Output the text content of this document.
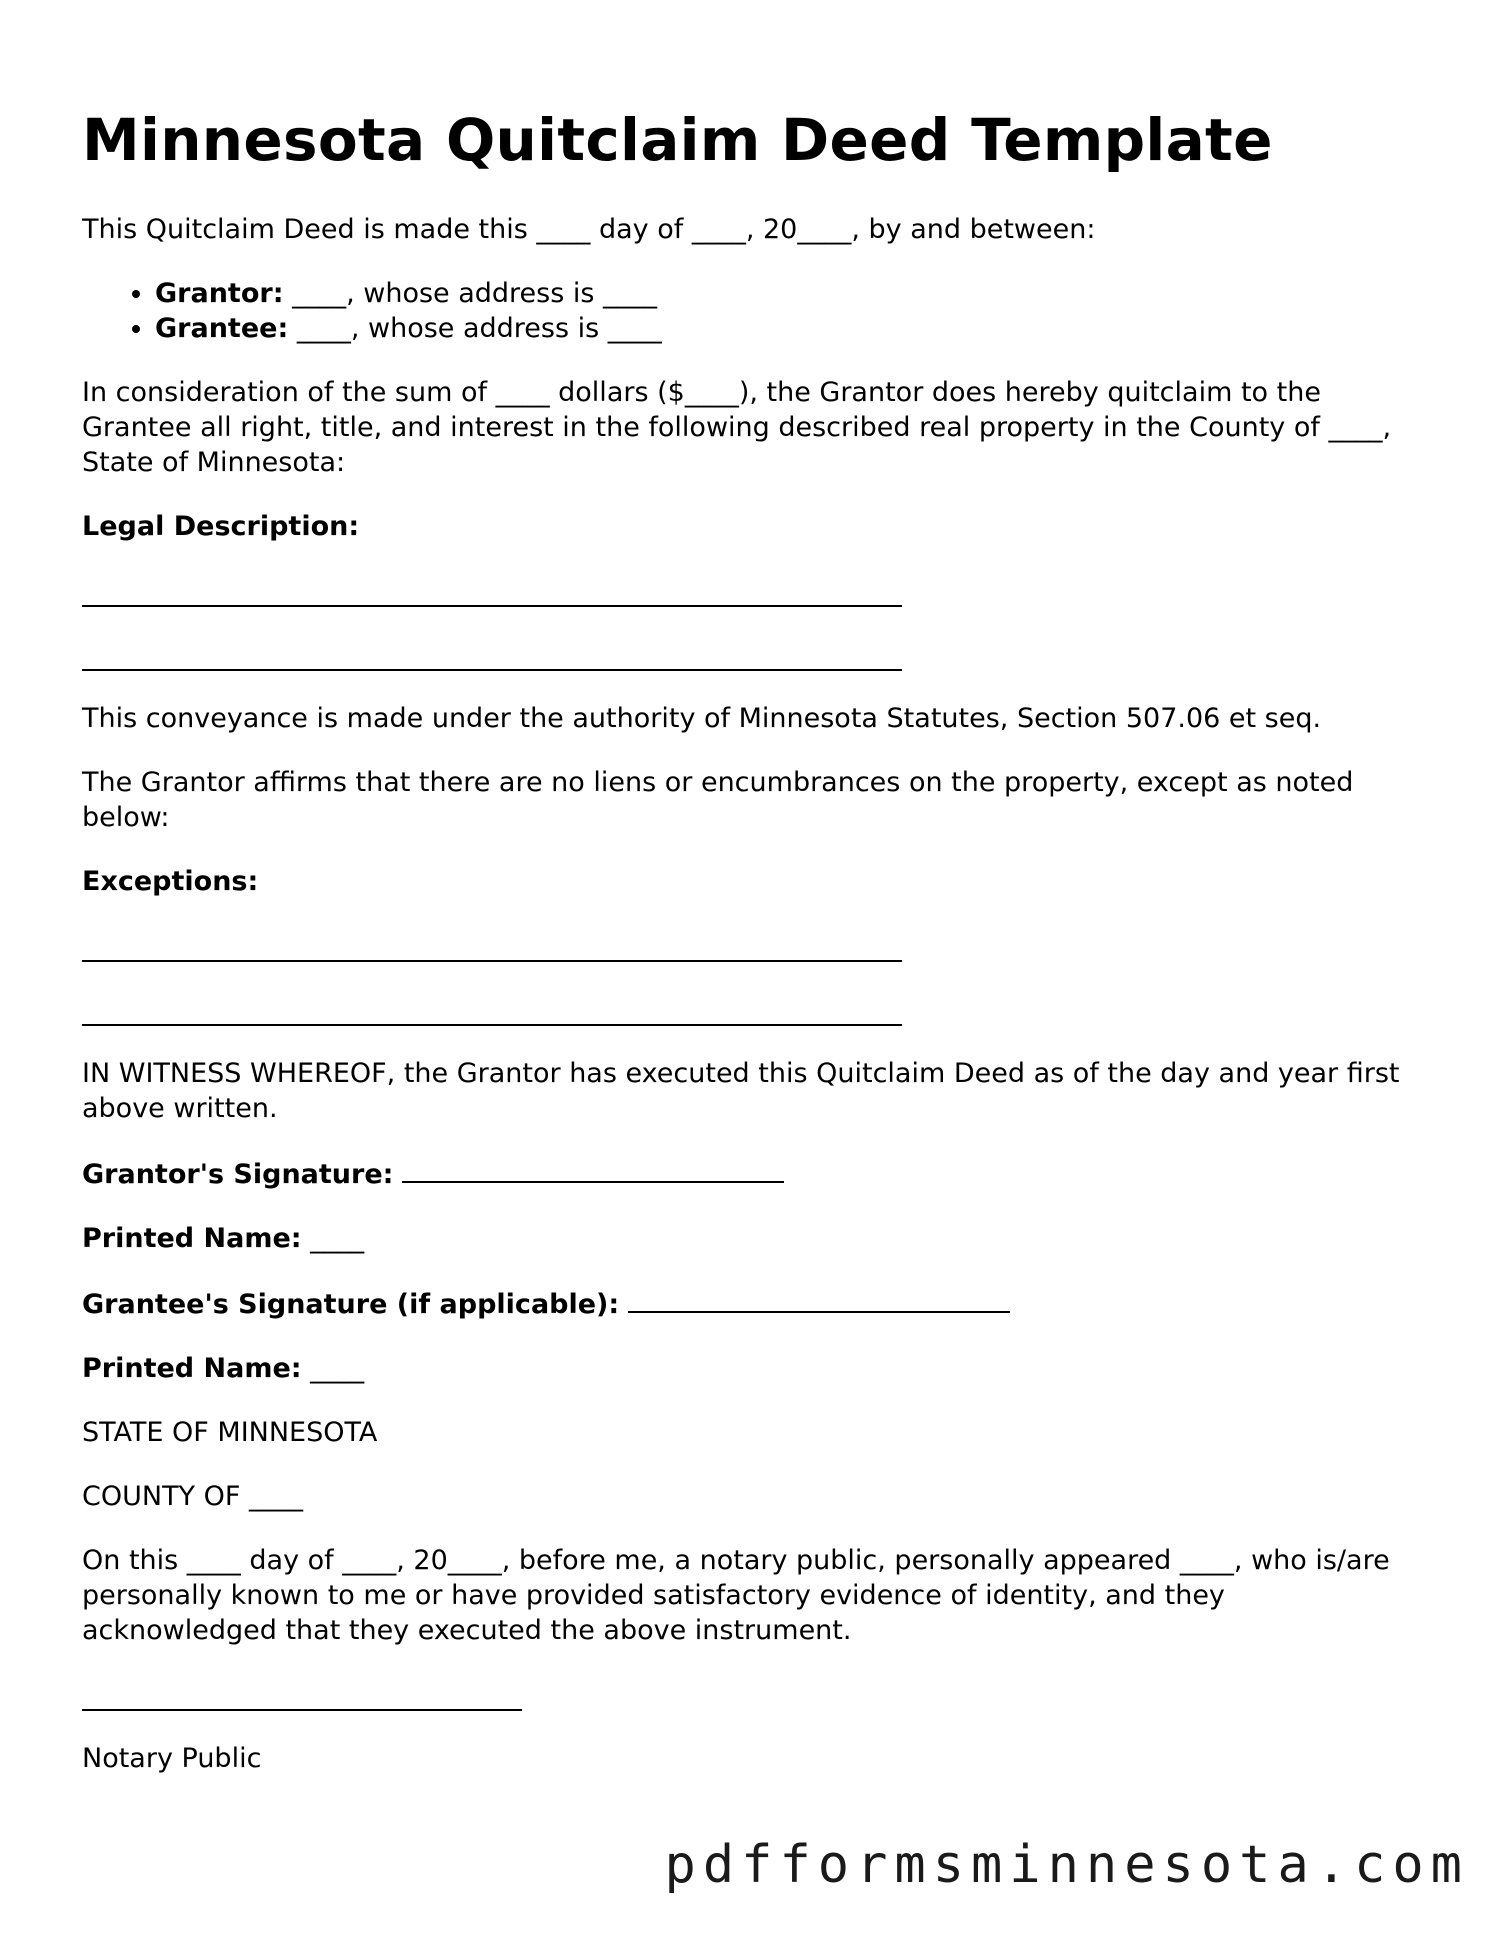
Minnesota Quitclaim Deed Template

This Quitclaim Deed is made this ____ day of ____, 20____, by and between:

• Grantor: ____, whose address is ____
• Grantee: ____, whose address is ____

In consideration of the sum of ____ dollars ($____), the Grantor does hereby quitclaim to the Grantee all right, title, and interest in the following described real property in the County of ____, State of Minnesota:

Legal Description:

This conveyance is made under the authority of Minnesota Statutes, Section 507.06 et seq.

The Grantor affirms that there are no liens or encumbrances on the property, except as noted below:

Exceptions:

IN WITNESS WHEREOF, the Grantor has executed this Quitclaim Deed as of the day and year first above written.

Grantor's Signature:

Printed Name: ____

Grantee's Signature (if applicable):

Printed Name: ____

STATE OF MINNESOTA

COUNTY OF ____

On this ____ day of ____, 20____, before me, a notary public, personally appeared ____, who is/are personally known to me or have provided satisfactory evidence of identity, and they acknowledged that they executed the above instrument.

Notary Public

pdfformsminnesota.com
